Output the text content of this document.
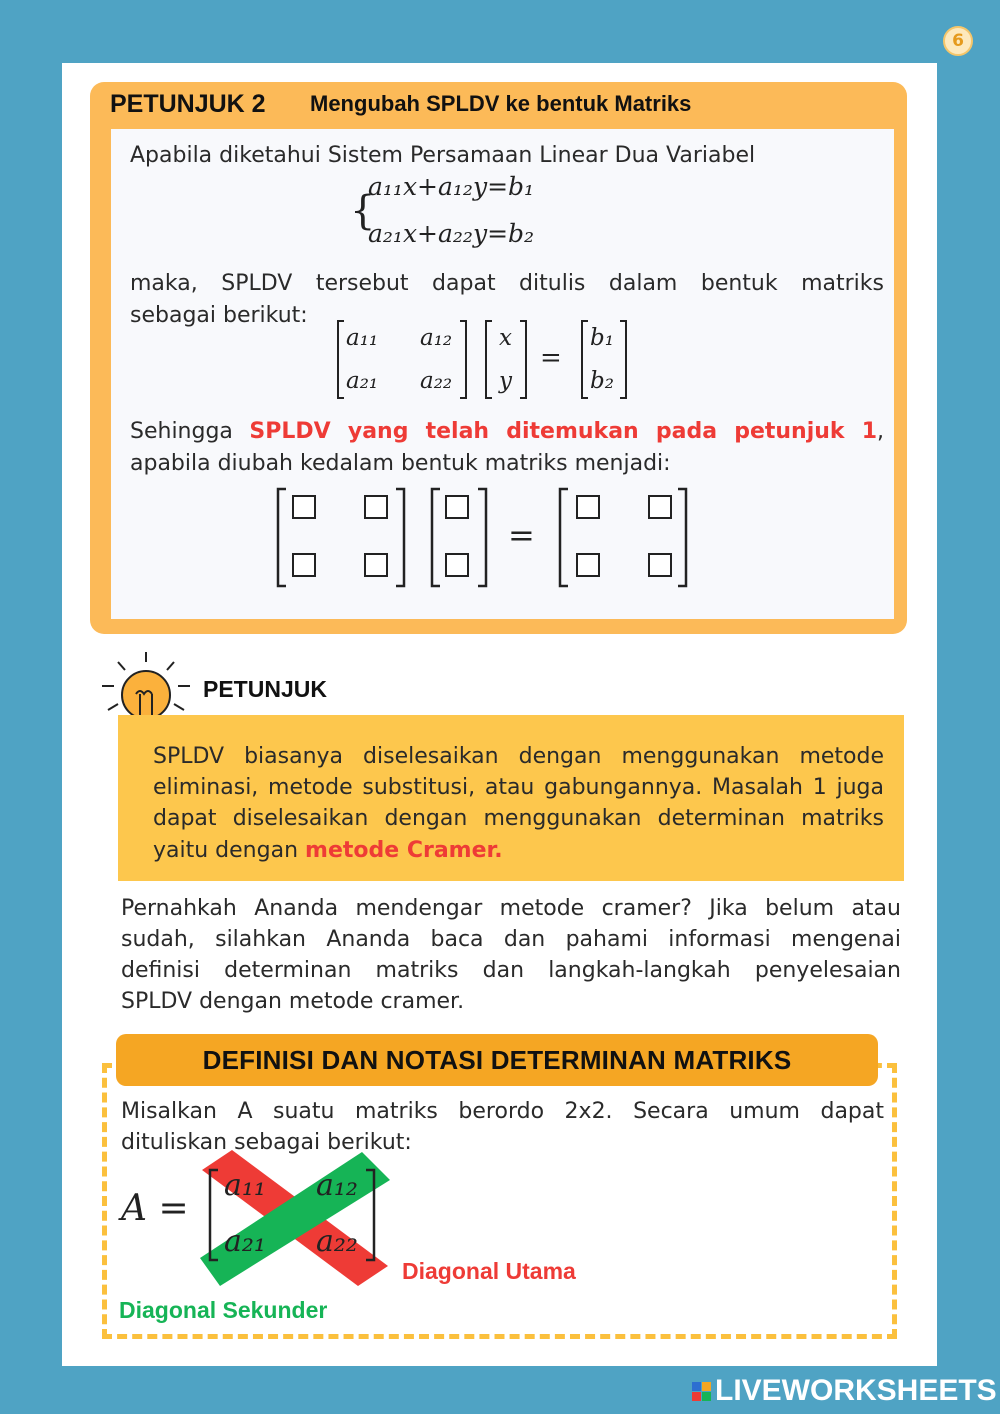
6
PETUNJUK 2 Mengubah SPLDV ke bentuk Matriks
Apabila diketahui Sistem Persamaan Linear Dua Variabel
{
a₁₁x+a₁₂y=b₁
a₂₁x+a₂₂y=b₂
maka, SPLDV tersebut dapat ditulis dalam bentuk matriks
sebagai berikut:
a₁₁ a₁₂
a₂₁ a₂₂
x
y
=
b₁
b₂
Sehingga SPLDV yang telah ditemukan pada petunjuk 1,
apabila diubah kedalam bentuk matriks menjadi:
=
PETUNJUK
SPLDV biasanya diselesaikan dengan menggunakan metode
eliminasi, metode substitusi, atau gabungannya. Masalah 1 juga
dapat diselesaikan dengan menggunakan determinan matriks
yaitu dengan metode Cramer.
Pernahkah Ananda mendengar metode cramer? Jika belum atau
sudah, silahkan Ananda baca dan pahami informasi mengenai
definisi determinan matriks dan langkah-langkah penyelesaian
SPLDV dengan metode cramer.
DEFINISI DAN NOTASI DETERMINAN MATRIKS
Misalkan A suatu matriks berordo 2x2. Secara umum dapat
dituliskan sebagai berikut:
A =
a₁₁ a₁₂
a₂₁ a₂₂
Diagonal Utama
Diagonal Sekunder
LIVEWORKSHEETS
